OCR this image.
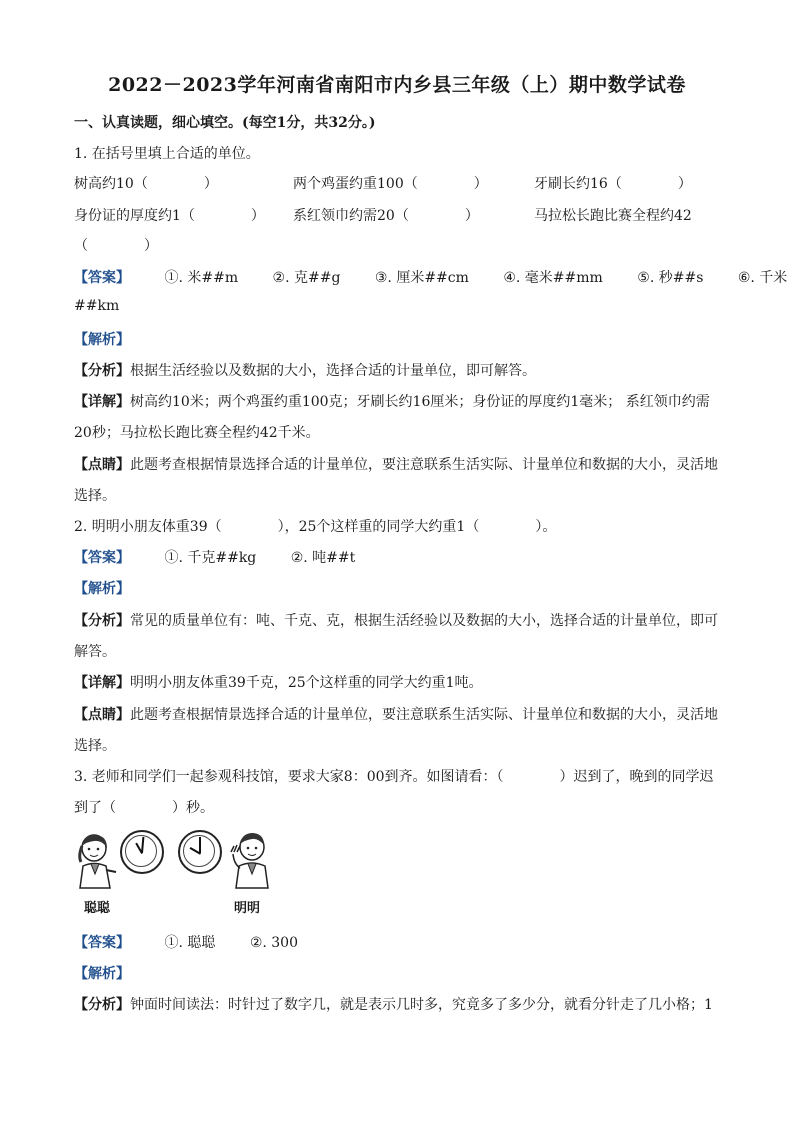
2022－2023学年河南省南阳市内乡县三年级（上）期中数学试卷
一、认真读题，细心填空。(每空1分，共32分。)
1. 在括号里填上合适的单位。
树高约10（　　　　）	两个鸡蛋约重100（　　　　）	牙刷长约16（　　　　）
身份证的厚度约1（　　　　） 系红领巾约需20（　　　　）	马拉松长跑比赛全程约42
（　　　　）
【答案】 ①. 米##m ②. 克##g ③. 厘米##cm ④. 毫米##mm ⑤. 秒##s ⑥. 千米
##km
【解析】
【分析】根据生活经验以及数据的大小，选择合适的计量单位，即可解答。
【详解】树高约10米；两个鸡蛋约重100克；牙刷长约16厘米；身份证的厚度约1毫米； 系红领巾约需
20秒；马拉松长跑比赛全程约42千米。
【点睛】此题考查根据情景选择合适的计量单位，要注意联系生活实际、计量单位和数据的大小，灵活地
选择。
2. 明明小朋友体重39（　　　　），25个这样重的同学大约重1（　　　　）。
【答案】 ①. 千克##kg ②. 吨##t
【解析】
【分析】常见的质量单位有：吨、千克、克，根据生活经验以及数据的大小，选择合适的计量单位，即可
解答。
【详解】明明小朋友体重39千克，25个这样重的同学大约重1吨。
【点睛】此题考查根据情景选择合适的计量单位，要注意联系生活实际、计量单位和数据的大小，灵活地
选择。
3. 老师和同学们一起参观科技馆，要求大家8：00到齐。如图请看：（　　　　）迟到了，晚到的同学迟
到了（　　　　）秒。
聪聪	明明
【答案】 ①. 聪聪 ②. 300
【解析】
【分析】钟面时间读法：时针过了数字几，就是表示几时多，究竟多了多少分，就看分针走了几小格；1
